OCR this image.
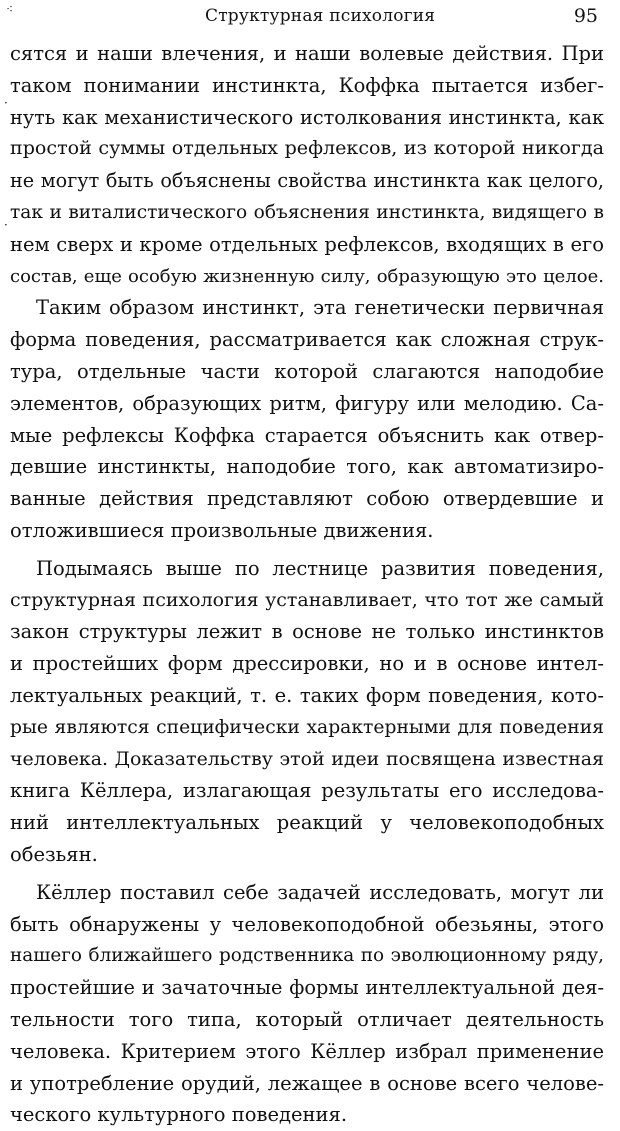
⁖
·
·
Структурная психология	95
сятся и наши влечения, и наши волевые действия. При
таком понимании инстинкта, Коффка пытается избег-
нуть как механистического истолкования инстинкта, как
простой суммы отдельных рефлексов, из которой никогда
не могут быть объяснены свойства инстинкта как целого,
так и виталистического объяснения инстинкта, видящего в
нем сверх и кроме отдельных рефлексов, входящих в его
состав, еще особую жизненную силу, образующую это целое.
Таким образом инстинкт, эта генетически первичная
форма поведения, рассматривается как сложная струк-
тура, отдельные части которой слагаются наподобие
элементов, образующих ритм, фигуру или мелодию. Са-
мые рефлексы Коффка старается объяснить как отвер-
девшие инстинкты, наподобие того, как автоматизиро-
ванные действия представляют собою отвердевшие и
отложившиеся произвольные движения.
Подымаясь выше по лестнице развития поведения,
структурная психология устанавливает, что тот же самый
закон структуры лежит в основе не только инстинктов
и простейших форм дрессировки, но и в основе интел-
лектуальных реакций, т. е. таких форм поведения, кото-
рые являются специфически характерными для поведения
человека. Доказательству этой идеи посвящена известная
книга Кёллера, излагающая результаты его исследова-
ний интеллектуальных реакций у человекоподобных
обезьян.
Кёллер поставил себе задачей исследовать, могут ли
быть обнаружены у человекоподобной обезьяны, этого
нашего ближайшего родственника по эволюционному ряду,
простейшие и зачаточные формы интеллектуальной дея-
тельности того типа, который отличает деятельность
человека. Критерием этого Кёллер избрал применение
и употребление орудий, лежащее в основе всего челове-
ческого культурного поведения.
